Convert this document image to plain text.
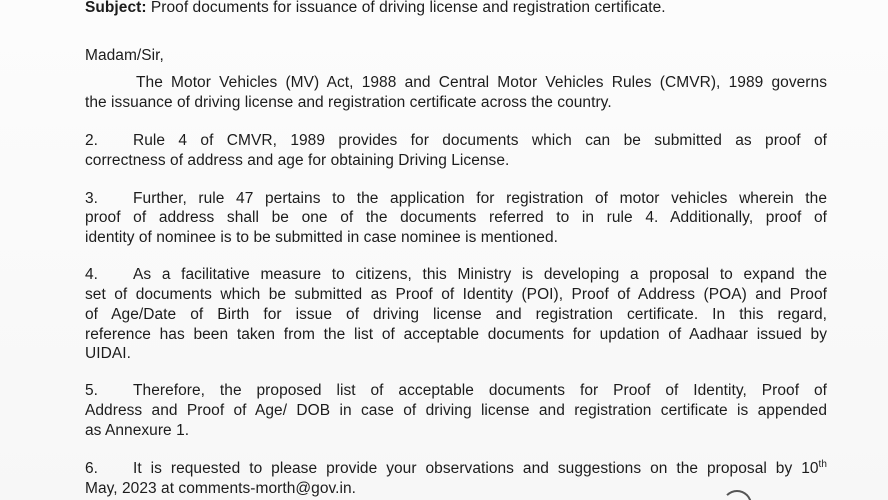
Subject: Proof documents for issuance of driving license and registration certificate.
Madam/Sir,
The Motor Vehicles (MV) Act, 1988 and Central Motor Vehicles Rules (CMVR), 1989 governs
the issuance of driving license and registration certificate across the country.
2. Rule 4 of CMVR, 1989 provides for documents which can be submitted as proof of
correctness of address and age for obtaining Driving License.
3. Further, rule 47 pertains to the application for registration of motor vehicles wherein the
proof of address shall be one of the documents referred to in rule 4. Additionally, proof of
identity of nominee is to be submitted in case nominee is mentioned.
4. As a facilitative measure to citizens, this Ministry is developing a proposal to expand the
set of documents which be submitted as Proof of Identity (POI), Proof of Address (POA) and Proof
of Age/Date of Birth for issue of driving license and registration certificate. In this regard,
reference has been taken from the list of acceptable documents for updation of Aadhaar issued by
UIDAI.
5. Therefore, the proposed list of acceptable documents for Proof of Identity, Proof of
Address and Proof of Age/ DOB in case of driving license and registration certificate is appended
as Annexure 1.
6. It is requested to please provide your observations and suggestions on the proposal by 10th
May, 2023 at comments-morth@gov.in.
